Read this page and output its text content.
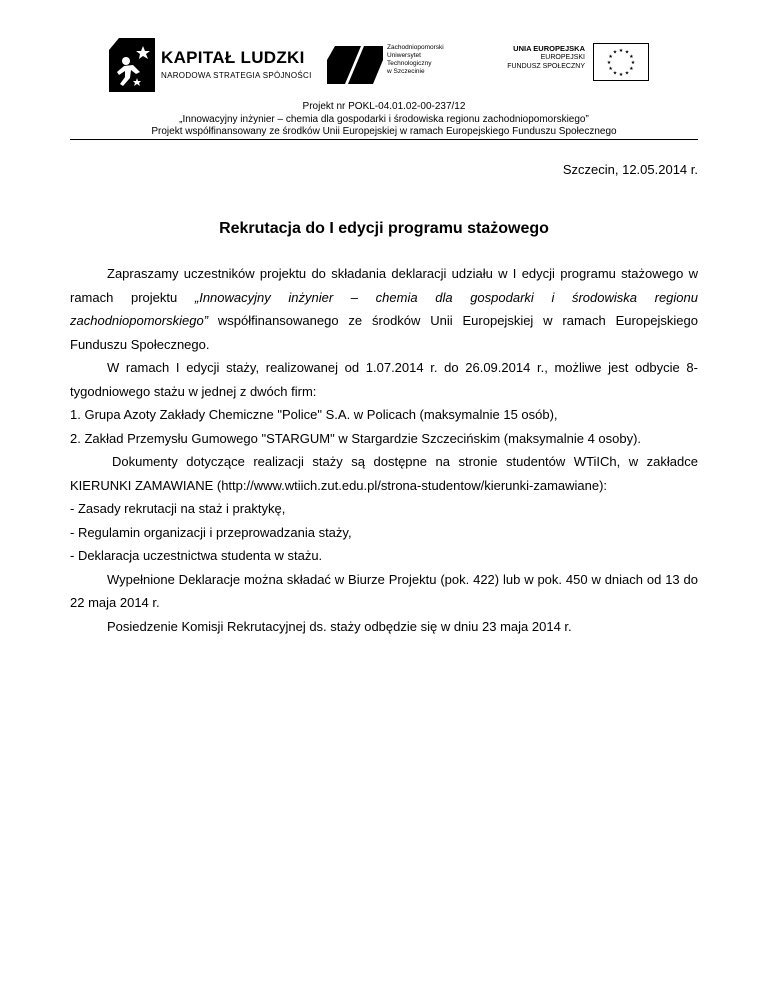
KAPITAŁ LUDZKI
NARODOWA STRATEGIA SPÓJNOŚCI
Zachodniopomorski
Uniwersytet
Technologiczny
w Szczecinie
UNIA EUROPEJSKA
EUROPEJSKI
FUNDUSZ SPOŁECZNY
★ ★
★
★
★
★
★
★
★
★
★
★
Projekt nr POKL-04.01.02-00-237/12
„Innowacyjny inżynier – chemia dla gospodarki i środowiska regionu zachodniopomorskiego”
Projekt współfinansowany ze środków Unii Europejskiej w ramach Europejskiego Funduszu Społecznego
Szczecin, 12.05.2014 r.
Rekrutacja do I edycji programu stażowego

Zapraszamy uczestników projektu do składania deklaracji udziału w I edycji programu stażowego w ramach projektu „Innowacyjny inżynier – chemia dla gospodarki i środowiska regionu zachodniopomorskiego” współfinansowanego ze środków Unii Europejskiej w ramach Europejskiego Funduszu Społecznego.

W ramach I edycji staży, realizowanej od 1.07.2014 r. do 26.09.2014 r., możliwe jest odbycie 8-tygodniowego stażu w jednej z dwóch firm:

1. Grupa Azoty Zakłady Chemiczne "Police" S.A. w Policach (maksymalnie 15 osób),

2. Zakład Przemysłu Gumowego "STARGUM" w Stargardzie Szczecińskim (maksymalnie 4 osoby).

Dokumenty dotyczące realizacji staży są dostępne na stronie studentów WTiICh, w zakładce KIERUNKI ZAMAWIANE (http://www.wtiich.zut.edu.pl/strona-studentow/kierunki-zamawiane):

- Zasady rekrutacji na staż i praktykę,

- Regulamin organizacji i przeprowadzania staży,

- Deklaracja uczestnictwa studenta w stażu.

Wypełnione Deklaracje można składać w Biurze Projektu (pok. 422) lub w pok. 450 w dniach od 13 do 22 maja 2014 r.

Posiedzenie Komisji Rekrutacyjnej ds. staży odbędzie się w dniu 23 maja 2014 r.
